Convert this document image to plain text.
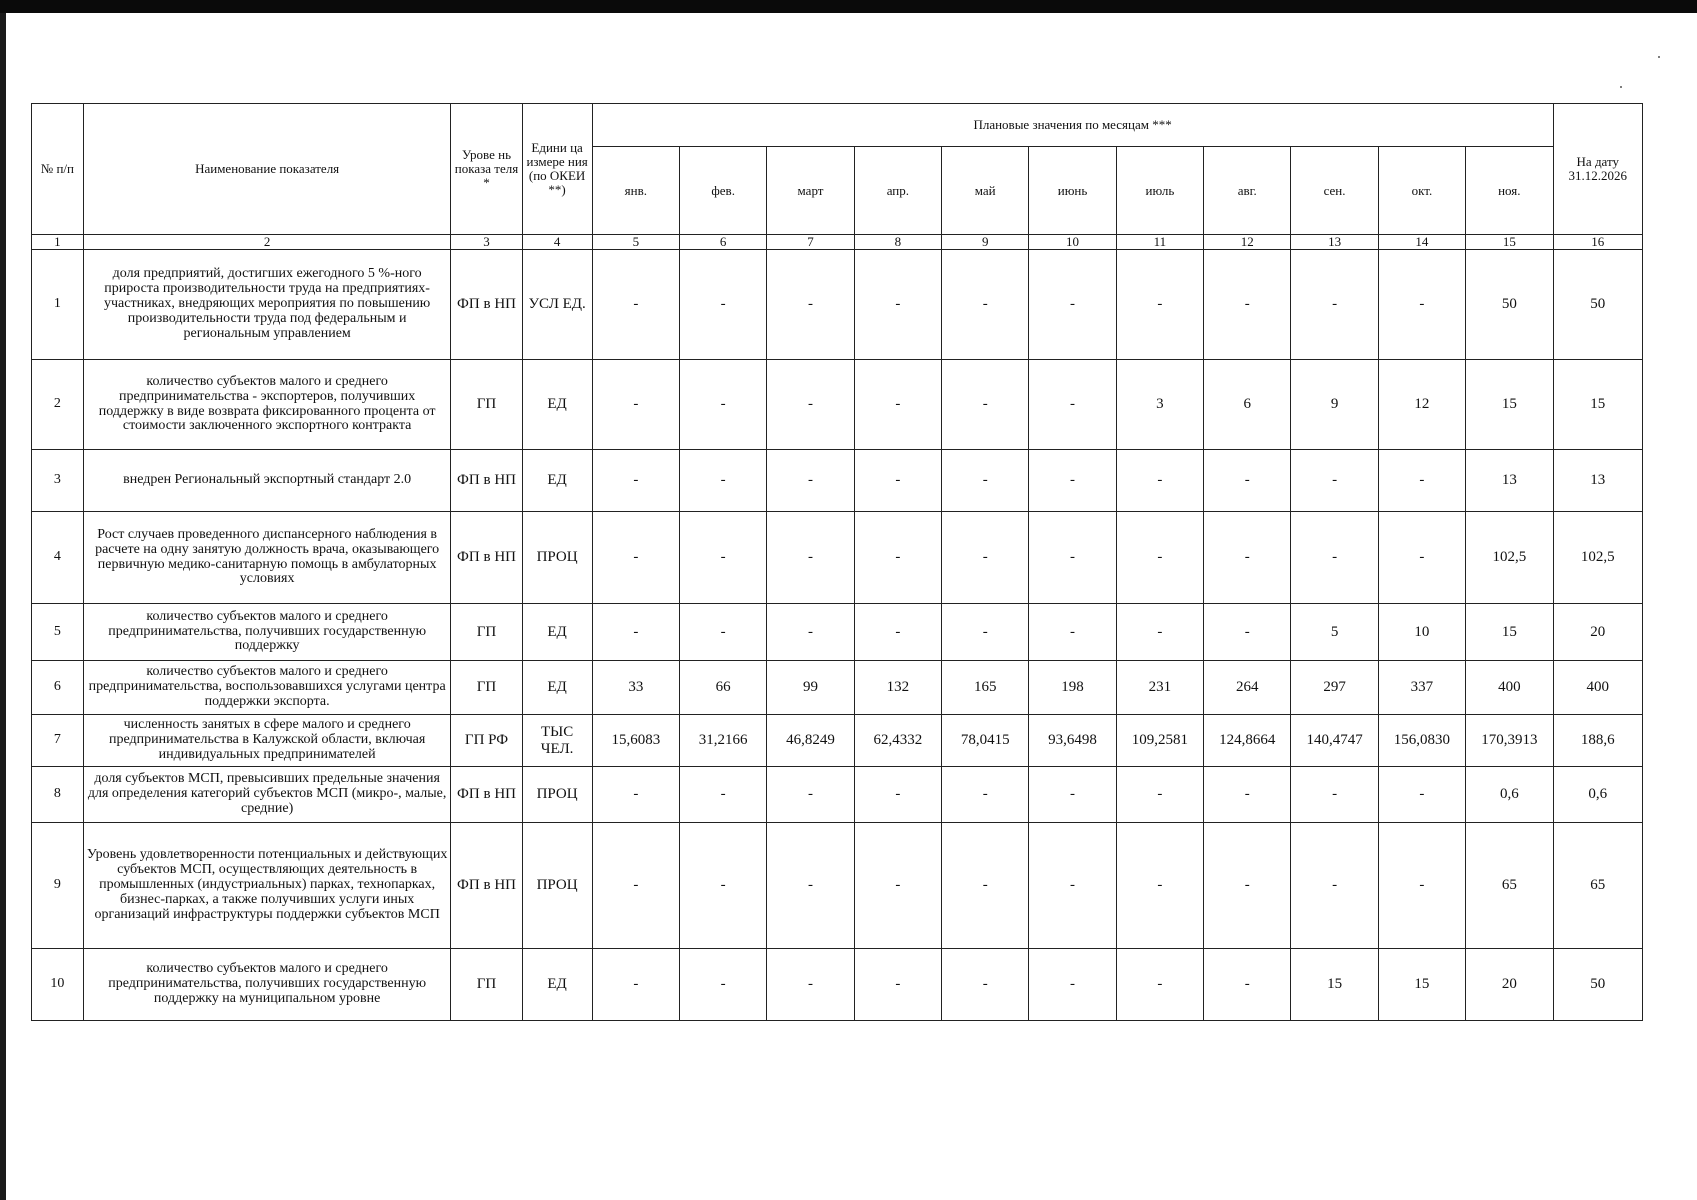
№ п/п	Наименование показателя	Урове нь показа теля *	Едини ца измере ния (по ОКЕИ **)	Плановые значения по месяцам ***											На дату 31.12.2026
				янв.	фев.	март	апр.	май	июнь	июль	авг.	сен.	окт.	ноя.	
1	2	3	4	5	6	7	8	9	10	11	12	13	14	15	16
1	доля предприятий, достигших ежегодного 5 %-ного прироста производительности труда на предприятиях-участниках, внедряющих мероприятия по повышению производительности труда под федеральным и региональным управлением	ФП в НП	УСЛ ЕД.	-	-	-	-	-	-	-	-	-	-	50	50
2	количество субъектов малого и среднего предпринимательства - экспортеров, получивших поддержку в виде возврата фиксированного процента от стоимости заключенного экспортного контракта	ГП	ЕД	-	-	-	-	-	-	3	6	9	12	15	15
3	внедрен Региональный экспортный стандарт 2.0	ФП в НП	ЕД	-	-	-	-	-	-	-	-	-	-	13	13
4	Рост случаев проведенного диспансерного наблюдения в расчете на одну занятую должность врача, оказывающего первичную медико-санитарную помощь в амбулаторных условиях	ФП в НП	ПРОЦ	-	-	-	-	-	-	-	-	-	-	102,5	102,5
5	количество субъектов малого и среднего предпринимательства, получивших государственную поддержку	ГП	ЕД	-	-	-	-	-	-	-	-	5	10	15	20
6	количество субъектов малого и среднего предпринимательства, воспользовавшихся услугами центра поддержки экспорта.	ГП	ЕД	33	66	99	132	165	198	231	264	297	337	400	400
7	численность занятых в сфере малого и среднего предпринимательства в Калужской области, включая индивидуальных предпринимателей	ГП РФ	ТЫС ЧЕЛ.	15,6083	31,2166	46,8249	62,4332	78,0415	93,6498	109,2581	124,8664	140,4747	156,0830	170,3913	188,6
8	доля субъектов МСП, превысивших предельные значения для определения категорий субъектов МСП (микро-, малые, средние)	ФП в НП	ПРОЦ	-	-	-	-	-	-	-	-	-	-	0,6	0,6
9	Уровень удовлетворенности потенциальных и действующих субъектов МСП, осуществляющих деятельность в промышленных (индустриальных) парках, технопарках, бизнес-парках, а также получивших услуги иных организаций инфраструктуры поддержки субъектов МСП	ФП в НП	ПРОЦ	-	-	-	-	-	-	-	-	-	-	65	65
10	количество субъектов малого и среднего предпринимательства, получивших государственную поддержку на муниципальном уровне	ГП	ЕД	-	-	-	-	-	-	-	-	15	15	20	50
